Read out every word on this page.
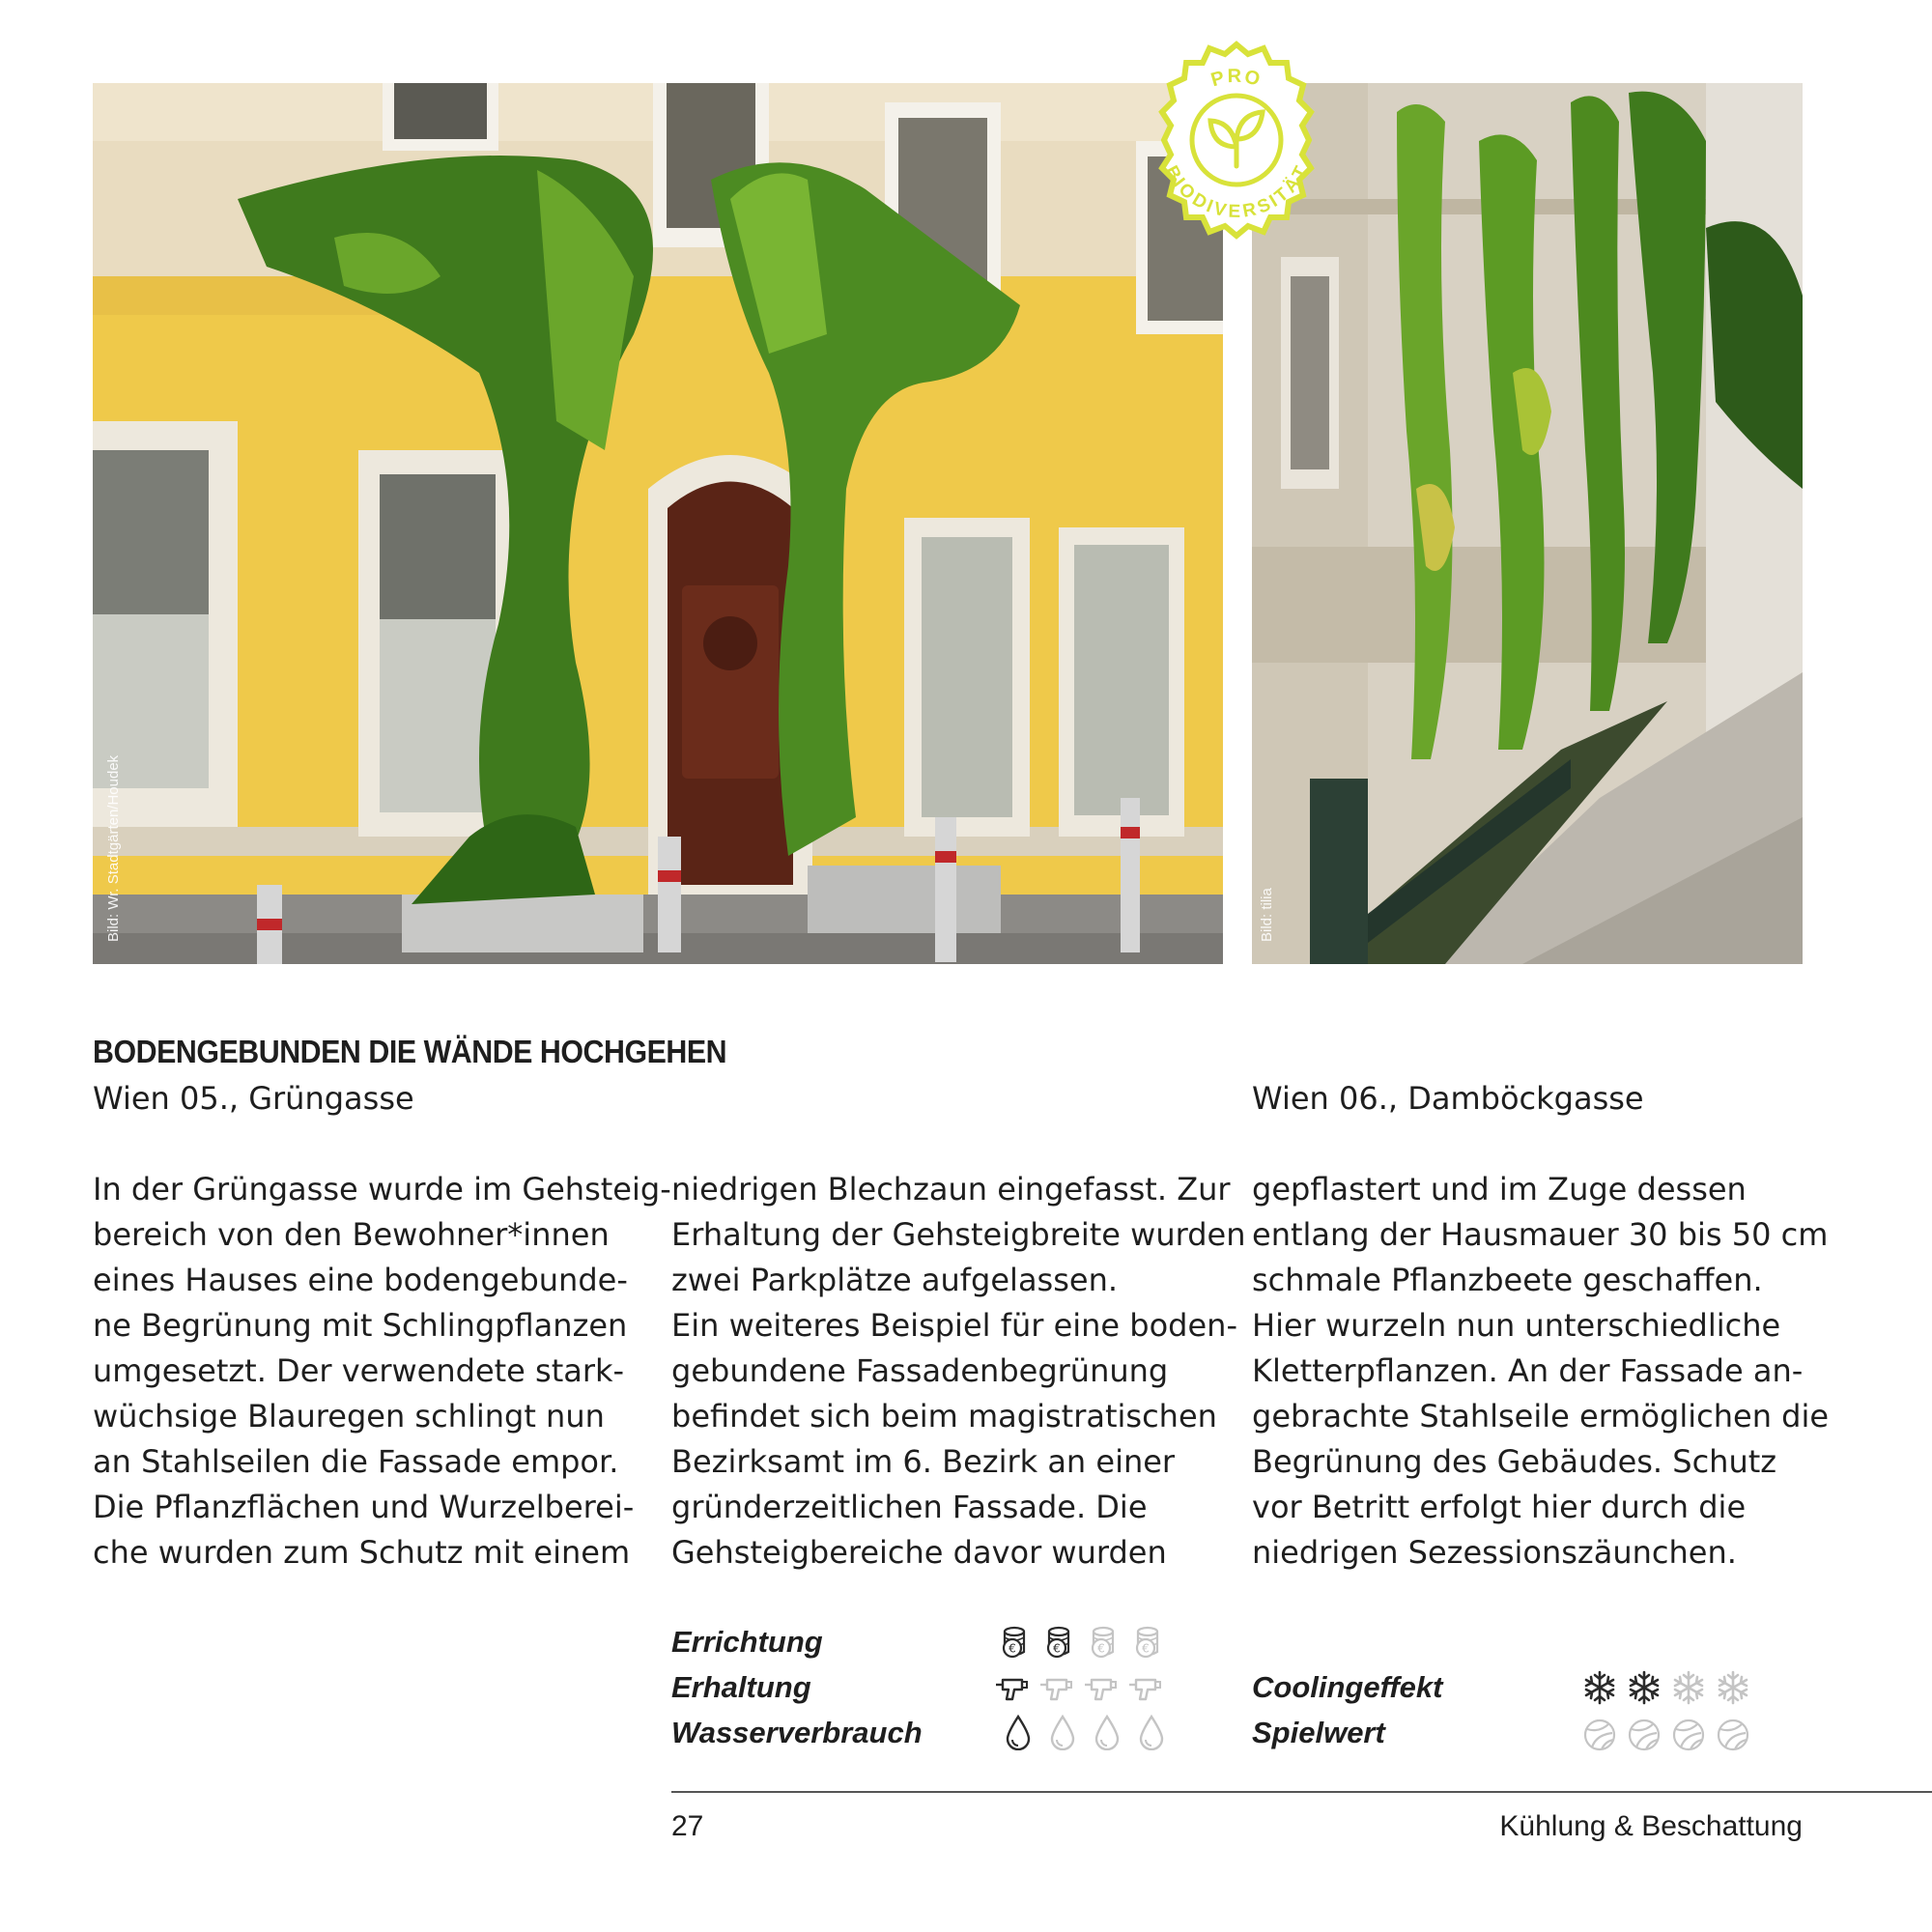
Bild: Wr. Stadtgärten/Houdek	Bild: tilia
PRO
BIODIVERSITÄT
BODENGEBUNDEN DIE WÄNDE HOCHGEHEN
Wien 05., Grüngasse	Wien 06., Damböckgasse
In der Grüngasse wurde im Gehsteig-
bereich von den Bewohner*innen
eines Hauses eine bodengebunde-
ne Begrünung mit Schlingpflanzen
umgesetzt. Der verwendete stark-
wüchsige Blauregen schlingt nun
an Stahlseilen die Fassade empor.
Die Pflanzflächen und Wurzelberei-
che wurden zum Schutz mit einem
niedrigen Blechzaun eingefasst. Zur
Erhaltung der Gehsteigbreite wurden
zwei Parkplätze aufgelassen.
Ein weiteres Beispiel für eine boden-
gebundene Fassadenbegrünung
befindet sich beim magistratischen
Bezirksamt im 6. Bezirk an einer
gründerzeitlichen Fassade. Die
Gehsteigbereiche davor wurden
gepflastert und im Zuge dessen
entlang der Hausmauer 30 bis 50 cm
schmale Pflanzbeete geschaffen.
Hier wurzeln nun unterschiedliche
Kletterpflanzen. An der Fassade an-
gebrachte Stahlseile ermöglichen die
Begrünung des Gebäudes. Schutz
vor Betritt erfolgt hier durch die
niedrigen Sezessionszäunchen.
Errichtung	€	€	€	€
Erhaltung
Wasserverbrauch
Coolingeffekt
Spielwert
27	Kühlung & Beschattung
